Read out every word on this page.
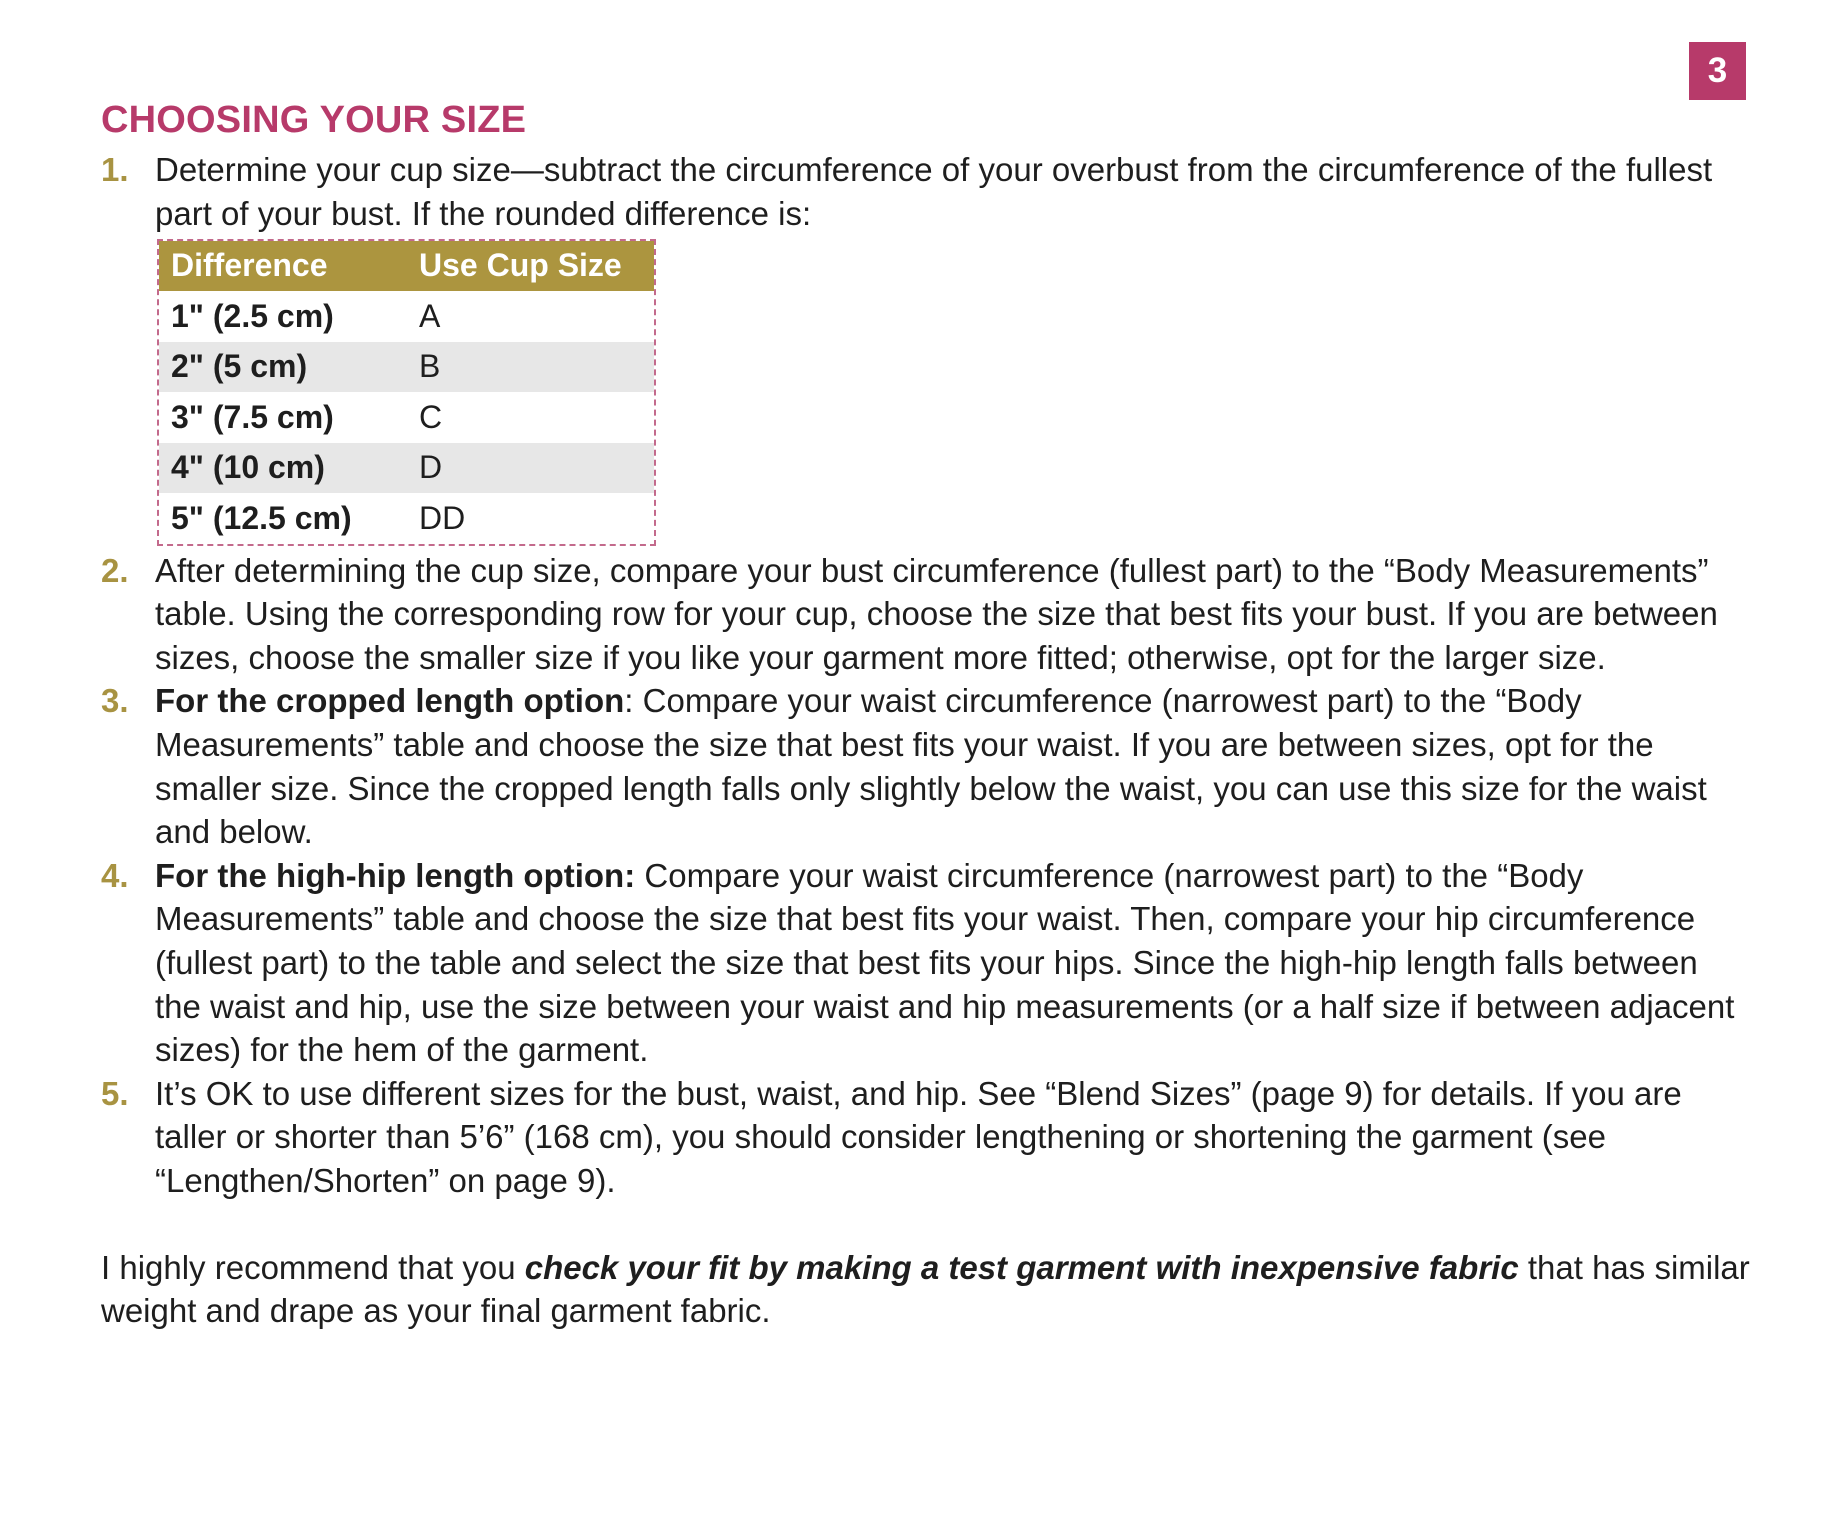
3
CHOOSING YOUR SIZE
1. Determine your cup size—subtract the circumference of your overbust from the circumference of the fullest part of your bust. If the rounded difference is:
Difference	Use Cup Size
1" (2.5 cm)	A
2" (5 cm)	B
3" (7.5 cm)	C
4" (10 cm)	D
5" (12.5 cm)	DD
2. After determining the cup size, compare your bust circumference (fullest part) to the “Body Measurements” table. Using the corresponding row for your cup, choose the size that best fits your bust. If you are between sizes, choose the smaller size if you like your garment more fitted; otherwise, opt for the larger size.
3. For the cropped length option: Compare your waist circumference (narrowest part) to the “Body Measurements” table and choose the size that best fits your waist. If you are between sizes, opt for the smaller size. Since the cropped length falls only slightly below the waist, you can use this size for the waist and below.
4. For the high-hip length option: Compare your waist circumference (narrowest part) to the “Body Measurements” table and choose the size that best fits your waist. Then, compare your hip circumference (fullest part) to the table and select the size that best fits your hips. Since the high-hip length falls between the waist and hip, use the size between your waist and hip measurements (or a half size if between adjacent sizes) for the hem of the garment.
5. It’s OK to use different sizes for the bust, waist, and hip. See “Blend Sizes” (page 9) for details. If you are taller or shorter than 5’6” (168 cm), you should consider lengthening or shortening the garment (see “Lengthen/Shorten” on page 9).

I highly recommend that you check your fit by making a test garment with inexpensive fabric that has similar weight and drape as your final garment fabric.
